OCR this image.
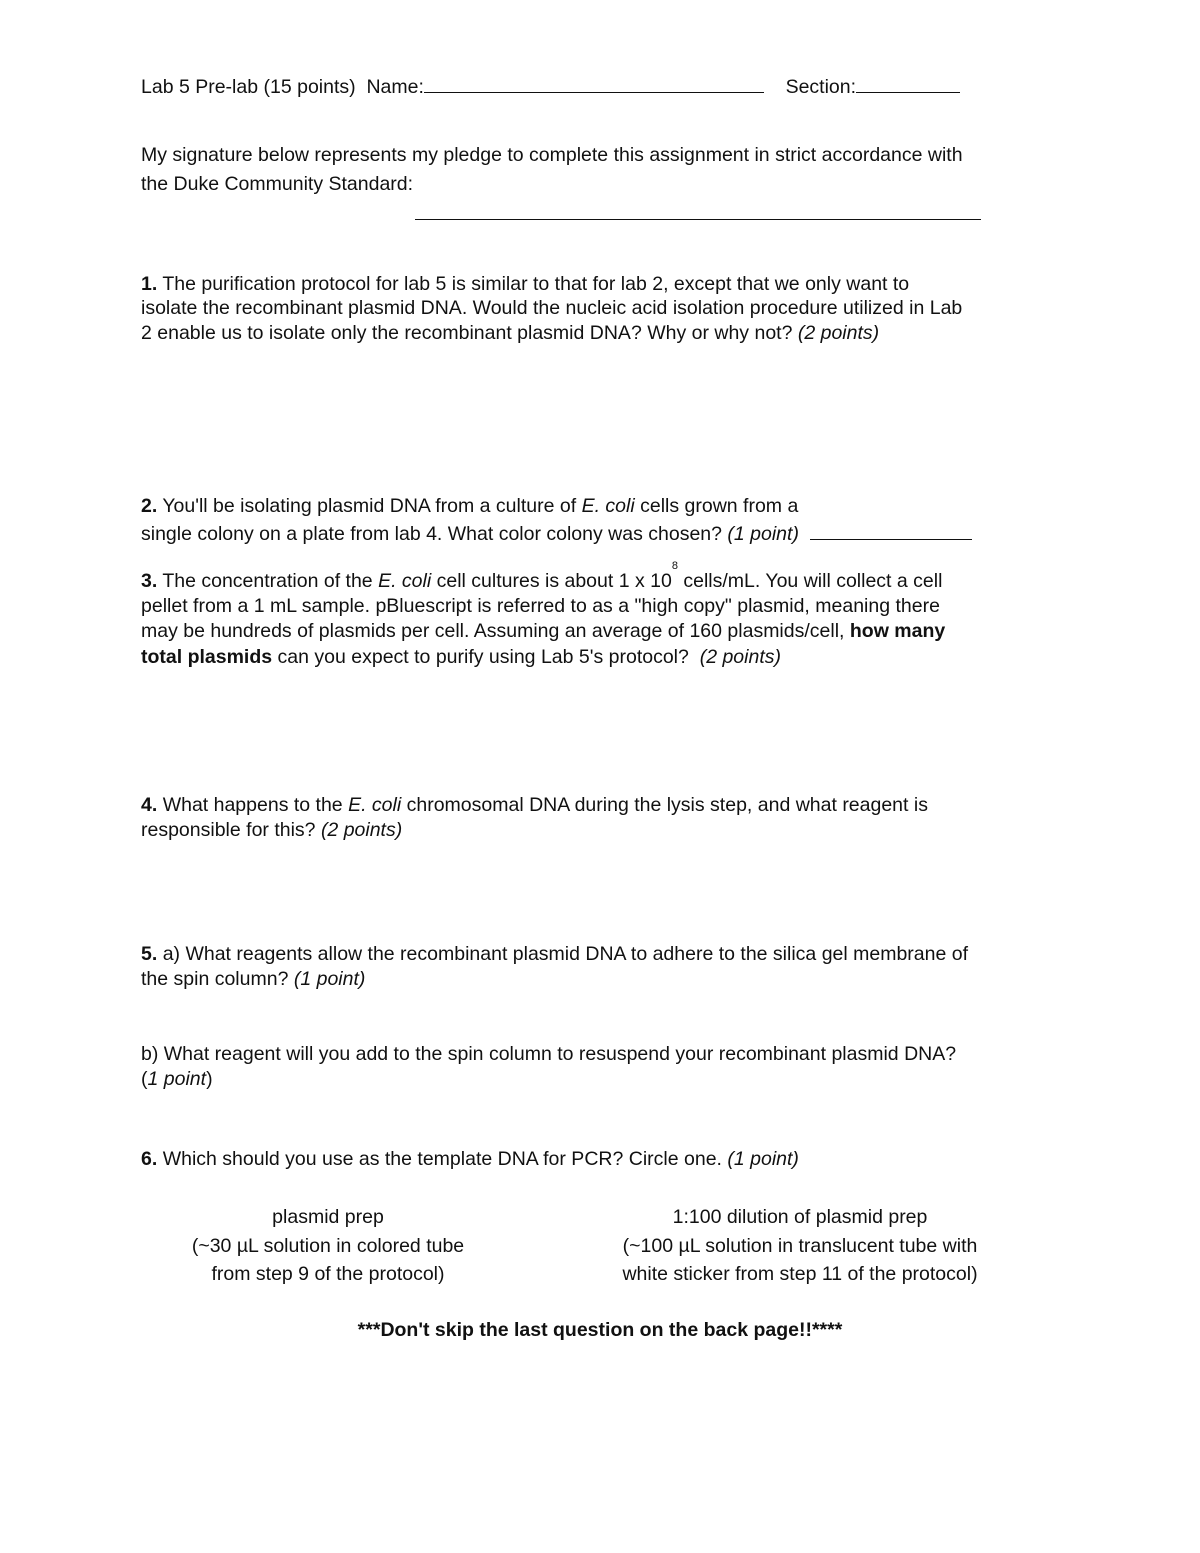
Lab 5 Pre-lab (15 points) Name:	Section:
My signature below represents my pledge to complete this assignment in strict accordance with
the Duke Community Standard:
1. The purification protocol for lab 5 is similar to that for lab 2, except that we only want to
isolate the recombinant plasmid DNA. Would the nucleic acid isolation procedure utilized in Lab
2 enable us to isolate only the recombinant plasmid DNA? Why or why not? (2 points)
2. You'll be isolating plasmid DNA from a culture of E. coli cells grown from a
single colony on a plate from lab 4. What color colony was chosen? (1 point)
3. The concentration of the E. coli cell cultures is about 1 x $10^8$ cells/mL. You will collect a cell
pellet from a 1 mL sample. pBluescript is referred to as a "high copy" plasmid, meaning there
may be hundreds of plasmids per cell. Assuming an average of 160 plasmids/cell, how many
total plasmids can you expect to purify using Lab 5's protocol? (2 points)
4. What happens to the E. coli chromosomal DNA during the lysis step, and what reagent is
responsible for this? (2 points)
5. a) What reagents allow the recombinant plasmid DNA to adhere to the silica gel membrane of
the spin column? (1 point)
b) What reagent will you add to the spin column to resuspend your recombinant plasmid DNA?
(1 point)
6. Which should you use as the template DNA for PCR? Circle one. (1 point)
plasmid prep
(~30 µL solution in colored tube
from step 9 of the protocol)
1:100 dilution of plasmid prep
(~100 µL solution in translucent tube with
white sticker from step 11 of the protocol)
***Don't skip the last question on the back page!!****
